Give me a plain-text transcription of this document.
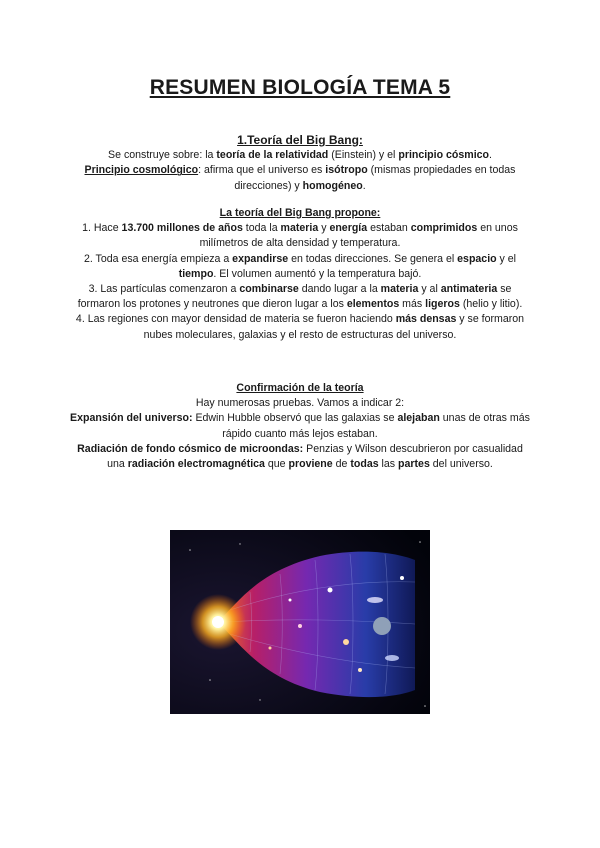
RESUMEN BIOLOGÍA TEMA 5

1.Teoría del Big Bang:

Se construye sobre: la teoría de la relatividad (Einstein) y el principio cósmico.

Principio cosmológico: afirma que el universo es isótropo (mismas propiedades en todas direcciones) y homogéneo.

La teoría del Big Bang propone:

1. Hace 13.700 millones de años toda la materia y energía estaban comprimidos en unos milímetros de alta densidad y temperatura.

2. Toda esa energía empieza a expandirse en todas direcciones. Se genera el espacio y el tiempo. El volumen aumentó y la temperatura bajó.

3. Las partículas comenzaron a combinarse dando lugar a la materia y al antimateria se formaron los protones y neutrones que dieron lugar a los elementos más ligeros (helio y litio).

4. Las regiones con mayor densidad de materia se fueron haciendo más densas y se formaron nubes moleculares, galaxias y el resto de estructuras del universo.

Confirmación de la teoría

Hay numerosas pruebas. Vamos a indicar 2:

Expansión del universo: Edwin Hubble observó que las galaxias se alejaban unas de otras más rápido cuanto más lejos estaban.

Radiación de fondo cósmico de microondas: Penzias y Wilson descubrieron por casualidad una radiación electromagnética que proviene de todas las partes del universo.
